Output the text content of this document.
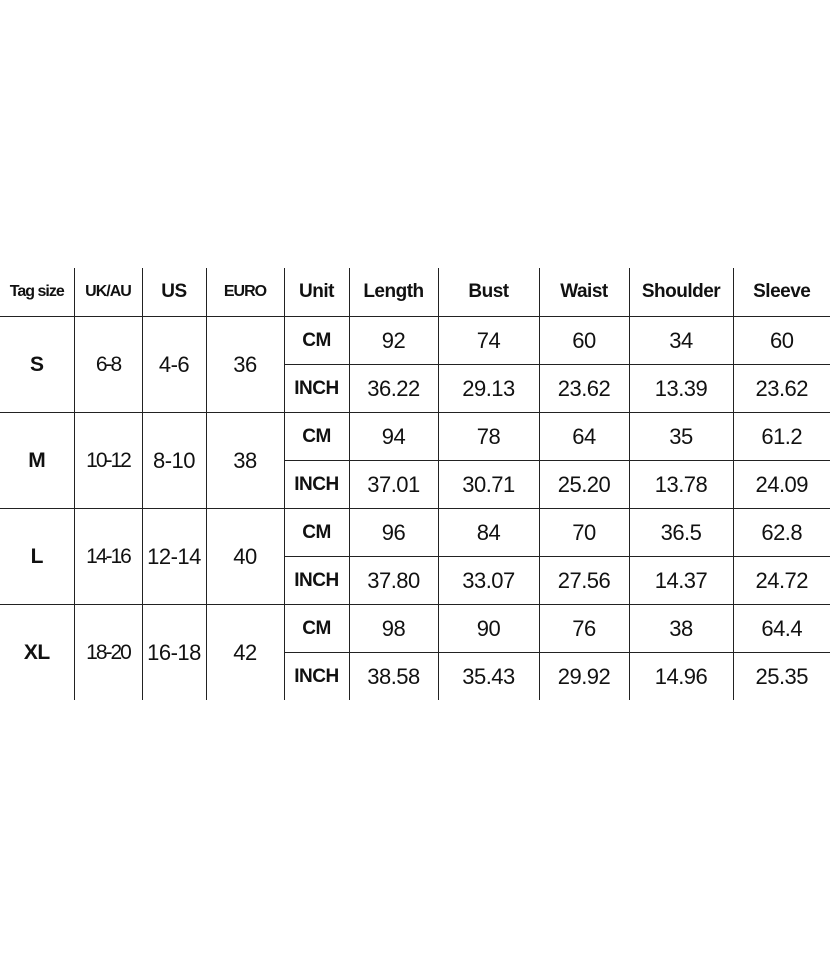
Tag size	UK/AU	US	EURO	Unit	Length	Bust	Waist	Shoulder	Sleeve
S	6-8	4-6	36	CM	92	74	60	34	60
				INCH	36.22	29.13	23.62	13.39	23.62
M	10-12	8-10	38	CM	94	78	64	35	61.2
				INCH	37.01	30.71	25.20	13.78	24.09
L	14-16	12-14	40	CM	96	84	70	36.5	62.8
				INCH	37.80	33.07	27.56	14.37	24.72
XL	18-20	16-18	42	CM	98	90	76	38	64.4
				INCH	38.58	35.43	29.92	14.96	25.35
